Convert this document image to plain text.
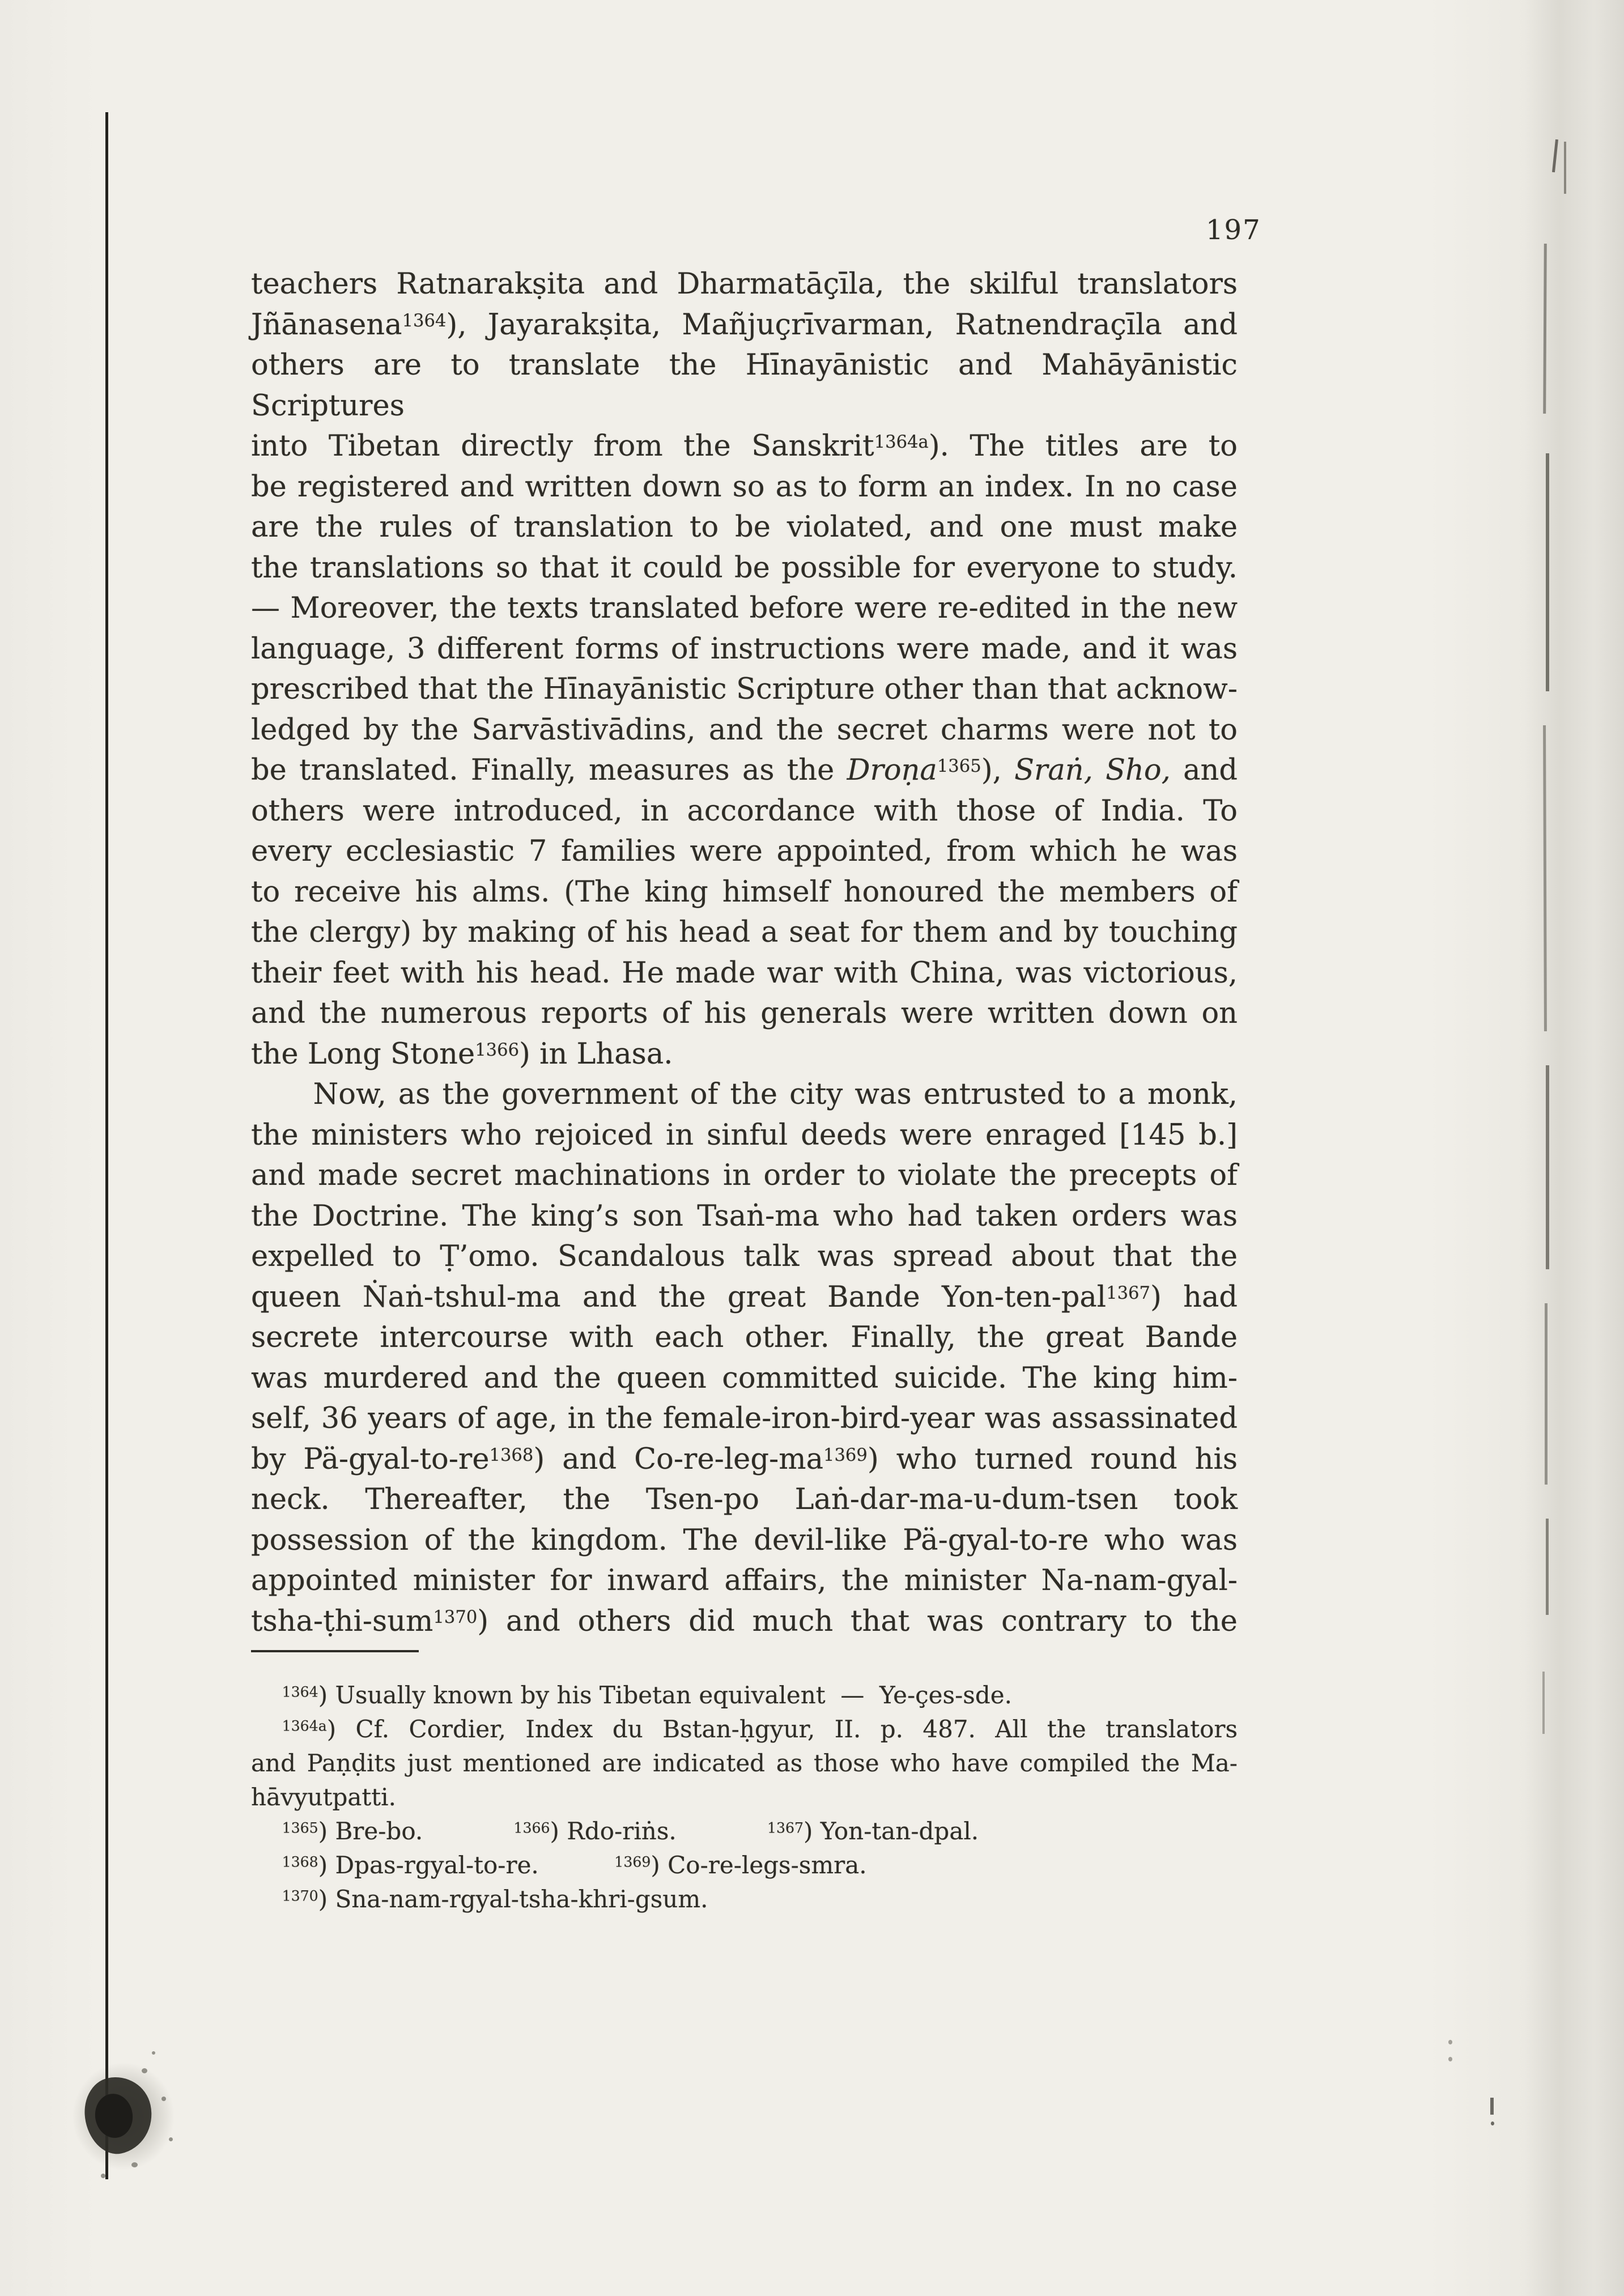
197
teachers Ratnarakṣita and Dharmatāçīla, the skilful translators
Jñānasena$^{1364}$), Jayarakṣita, Mañjuçrīvarman, Ratnendraçīla and
others are to translate the Hīnayānistic and Mahāyānistic Scriptures
into Tibetan directly from the Sanskrit$^{1364a}$). The titles are to
be registered and written down so as to form an index. In no case
are the rules of translation to be violated, and one must make
the translations so that it could be possible for everyone to study.
— Moreover, the texts translated before were re-edited in the new
language, 3 different forms of instructions were made, and it was
prescribed that the Hīnayānistic Scripture other than that acknow-
ledged by the Sarvāstivādins, and the secret charms were not to
be translated. Finally, measures as the Droṇa$^{1365}$), Sraṅ, Sho, and
others were introduced, in accordance with those of India. To
every ecclesiastic 7 families were appointed, from which he was
to receive his alms. (The king himself honoured the members of
the clergy) by making of his head a seat for them and by touching
their feet with his head. He made war with China, was victorious,
and the numerous reports of his generals were written down on
the Long Stone$^{1366}$) in Lhasa.
Now, as the government of the city was entrusted to a monk,
the ministers who rejoiced in sinful deeds were enraged [145 b.]
and made secret machinations in order to violate the precepts of
the Doctrine. The king’s son Tsaṅ-ma who had taken orders was
expelled to Ṭ’omo. Scandalous talk was spread about that the
queen Ṅaṅ-tshul-ma and the great Bande Yon-ten-pal$^{1367}$) had
secrete intercourse with each other. Finally, the great Bande
was murdered and the queen committed suicide. The king him-
self, 36 years of age, in the female-iron-bird-year was assassinated
by $Pä-gyal-to-re^{1368}$) and $Co-re-leg-ma^{1369}$) who turned round his
neck. Thereafter, the Tsen-po Laṅ-dar-ma-u-dum-tsen took
possession of the kingdom. The devil-like Pä-gyal-to-re who was
appointed minister for inward affairs, the minister Na-nam-gyal-
tsha-ṭhi-sum$^{1370}$) and others did much that was contrary to the
$^{1364}$) Usually known by his Tibetan equivalent  —  Ye-çes-sde.
$^{1364a}$) Cf. Cordier, Index du Bstan-ḥgyur, II. p. 487. All the translators
and Paṇḍits just mentioned are indicated as those who have compiled the Ma-
hāvyutpatti.
$^{1365}$) Bre-bo.            $^{1366}$) Rdo-riṅs.            $^{1367}$) Yon-tan-dpal.
$^{1368}$) Dpas-rgyal-to-re.          $^{1369}$) Co-re-legs-smra.
$^{1370}$) Sna-nam-rgyal-tsha-khri-gsum.
